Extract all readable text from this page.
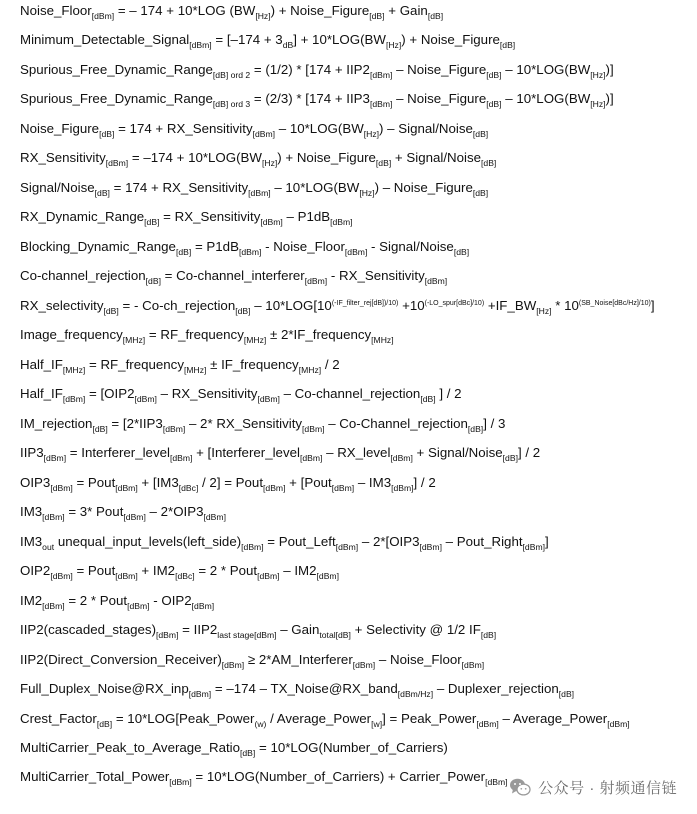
Noise_Floor$_{[dBm]}$ = – 174 + 10*LOG $(BW_{[Hz]})$ + Noise_Figure$_{[dB]}$ + Gain$_{[dB]}$
Minimum_Detectable_Signal$_{[dBm]}$ = $[-174 + 3_{dB}] + 10*LOG(BW_{[Hz]})$ + Noise_Figure$_{[dB]}$
Spurious_Free_Dynamic_Range$_{[dB] ord 2}$ = $(1/2) * [174 + IIP2_{[dBm]}$ – Noise_Figure$_{[dB]}$ – $10*LOG(BW_{[Hz]})$]
Spurious_Free_Dynamic_Range$_{[dB] ord 3}$ = $(2/3) * [174 + IIP3_{[dBm]}$ – Noise_Figure$_{[dB]}$ – $10*LOG(BW_{[Hz]})$]
Noise_Figure$_{[dB]}$ = 174 + RX_Sensitivity$_{[dBm]}$ – $10*LOG(BW_{[Hz]})$ – Signal/Noise$_{[dB]}$
RX_Sensitivity$_{[dBm]}$ = $-174 + 10*LOG(BW_{[Hz]})$ + Noise_Figure$_{[dB]}$ + Signal/Noise$_{[dB]}$
Signal/Noise$_{[dB]}$ = 174 + RX_Sensitivity$_{[dBm]}$ – $10*LOG(BW_{[Hz]})$ – Noise_Figure$_{[dB]}$
RX_Dynamic_Range$_{[dB]}$ = RX_Sensitivity$_{[dBm]}$ – $P1dB_{[dBm]}$
Blocking_Dynamic_Range$_{[dB]}$ = $P1dB_{[dBm]}$ - Noise_Floor$_{[dBm]}$ - Signal/Noise$_{[dB]}$
Co-channel_rejection$_{[dB]}$ = Co-channel_interferer$_{[dBm]}$ - RX_Sensitivity$_{[dBm]}$
RX_selectivity$_{[dB]}$ = - Co-ch_rejection$_{[dB]}$ – $10*LOG[10^{(-IF\_filter\_rej[dB])/10)} +10^{(-LO\_spur[dBc]/10)}$ $+IF\_BW_{[Hz]} * 10^{(SB\_Noise[dBc/Hz]/10)}$]
Image_frequency$_{[MHz]}$ = RF_frequency$_{[MHz]}$ ± 2*IF_frequency$_{[MHz]}$
$Half\_IF_{[MHz]}$ = RF_frequency$_{[MHz]}$ ± IF_frequency$_{[MHz]}$ / 2
$Half\_IF_{[dBm]} = [OIP2_{[dBm]}$ – RX_Sensitivity$_{[dBm]}$ – Co-channel_rejection$_{[dB]}$ ] / 2
IM_rejection$_{[dB]}$ = [$2*IIP3_{[dBm]} - 2*$ RX_Sensitivity$_{[dBm]}$ – Co-Channel_rejection$_{[dB]}$] / 3
$IIP3_{[dBm]}$ = Interferer_level$_{[dBm]}$ + [Interferer_level$_{[dBm]}$ – RX_level$_{[dBm]}$ + Signal/Noise$_{[dB]}$] / 2
$OIP3_{[dBm]}$ = Pout$_{[dBm]}$ + $[IM3_{[dBc]} / 2]$ = Pout$_{[dBm]}$ + [Pout$_{[dBm]}$ – $IM3_{[dBm]}] / 2$
$IM3_{[dBm]} = 3*$ Pout$_{[dBm]}$ – $2*OIP3_{[dBm]}$
$IM3_{out}$ $unequal\_input\_levels(left\_side)_{[dBm]}$ = Pout_Left$_{[dBm]}$ – $2*[OIP3_{[dBm]}$ – Pout_Right$_{[dBm]}$]
$OIP2_{[dBm]}$ = Pout$_{[dBm]}$ + $IM2_{[dBc]} = 2$ * Pout$_{[dBm]}$ – $IM2_{[dBm]}$
$IM2_{[dBm]} = 2$ * Pout$_{[dBm]}$ - $OIP2_{[dBm]}$
$IIP2(cascaded\_stages)_{[dBm]} = IIP2_{last stage[dBm]}$ – Gain$_{total[dB]}$ + Selectivity @ 1/2 $IF_{[dB]}$
$IIP2(Direct\_Conversion\_Receiver)_{[dBm]}$ ≥ 2*AM_Interferer$_{[dBm]}$ – Noise_Floor$_{[dBm]}$
Full_Duplex_Noise@RX_inp$_{[dBm]}$ = –174 – TX_Noise@RX_band$_{[dBm/Hz]}$ – Duplexer_rejection$_{[dB]}$
Crest_Factor$_{[dB]}$ = 10*LOG[Peak_Power$_{(w)}$ / Average_Power$_{[w]}$] = Peak_Power$_{[dBm]}$ – Average_Power$_{[dBm]}$
MultiCarrier_Peak_to_Average_Ratio$_{[dB]}$ = 10*LOG(Number_of_Carriers)
MultiCarrier_Total_Power$_{[dBm]}$ = 10*LOG(Number_of_Carriers) + Carrier_Power$_{[dBm]}$ 公众号 · 射频通信链
